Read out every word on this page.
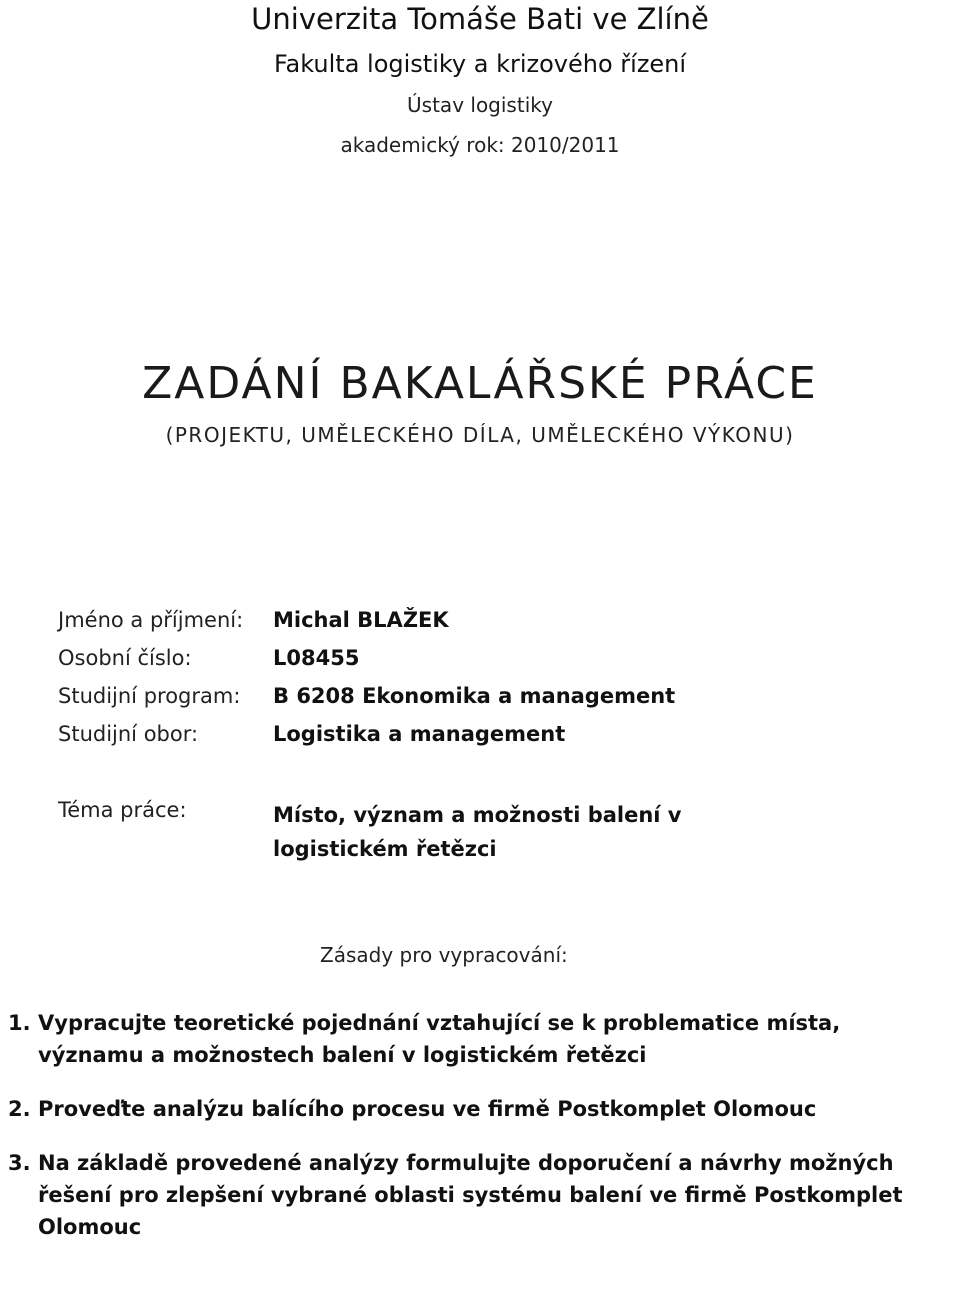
Univerzita Tomáše Bati ve Zlíně
Fakulta logistiky a krizového řízení
Ústav logistiky
akademický rok: 2010/2011
ZADÁNÍ BAKALÁŘSKÉ PRÁCE
(PROJEKTU, UMĚLECKÉHO DÍLA, UMĚLECKÉHO VÝKONU)
Jméno a příjmení: Michal BLAŽEK
Osobní číslo:	L08455
Studijní program: B 6208 Ekonomika a management
Studijní obor:	Logistika a management
Téma práce:	Místo, význam a možnosti balení v logistickém řetězci
Zásady pro vypracování:
1. Vypracujte teoretické pojednání vztahující se k problematice místa, významu a možnostech balení v logistickém řetězci
2. Proveďte analýzu balícího procesu ve firmě Postkomplet Olomouc
3. Na základě provedené analýzy formulujte doporučení a návrhy možných řešení pro zlepšení vybrané oblasti systému balení ve firmě Postkomplet Olomouc
